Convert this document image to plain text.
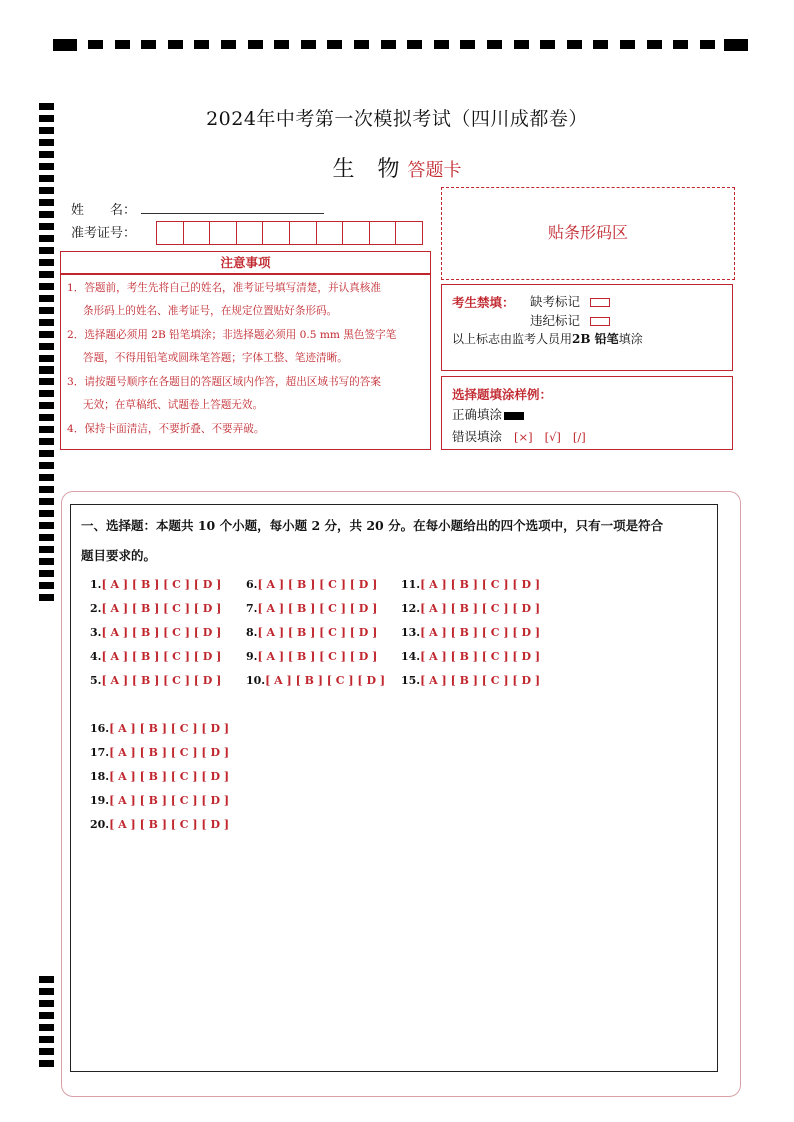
2024年中考第一次模拟考试（四川成都卷）
生 物答题卡
姓　　名：
准考证号：	贴条形码区
注意事项

1．答题前，考生先将自己的姓名，准考证号填写清楚，并认真核准

条形码上的姓名、准考证号，在规定位置贴好条形码。

2．选择题必须用 2B 铅笔填涂；非选择题必须用 0.5 mm 黑色签字笔

答题，不得用铅笔或圆珠笔答题；字体工整、笔迹清晰。

3．请按题号顺序在各题目的答题区域内作答，超出区域书写的答案

无效；在草稿纸、试题卷上答题无效。

4．保持卡面清洁，不要折叠、不要弄破。

考生禁填： 缺考标记
违纪标记
以上标志由监考人员用2B 铅笔填涂
选择题填涂样例：
正确填涂
错误填涂 [×] [√] [/]
一、选择题：本题共 10 个小题，每小题 2 分，共 20 分。在每小题给出的四个选项中，只有一项是符合
题目要求的。
1.[ A ] [ B ] [ C ] [ D ]
2.[ A ] [ B ] [ C ] [ D ]
3.[ A ] [ B ] [ C ] [ D ]
4.[ A ] [ B ] [ C ] [ D ]
5.[ A ] [ B ] [ C ] [ D ]
6.[ A ] [ B ] [ C ] [ D ]
7.[ A ] [ B ] [ C ] [ D ]
8.[ A ] [ B ] [ C ] [ D ]
9.[ A ] [ B ] [ C ] [ D ]
10.[ A ] [ B ] [ C ] [ D ]
11.[ A ] [ B ] [ C ] [ D ]
12.[ A ] [ B ] [ C ] [ D ]
13.[ A ] [ B ] [ C ] [ D ]
14.[ A ] [ B ] [ C ] [ D ]
15.[ A ] [ B ] [ C ] [ D ]
16.[ A ] [ B ] [ C ] [ D ]
17.[ A ] [ B ] [ C ] [ D ]
18.[ A ] [ B ] [ C ] [ D ]
19.[ A ] [ B ] [ C ] [ D ]
20.[ A ] [ B ] [ C ] [ D ]
